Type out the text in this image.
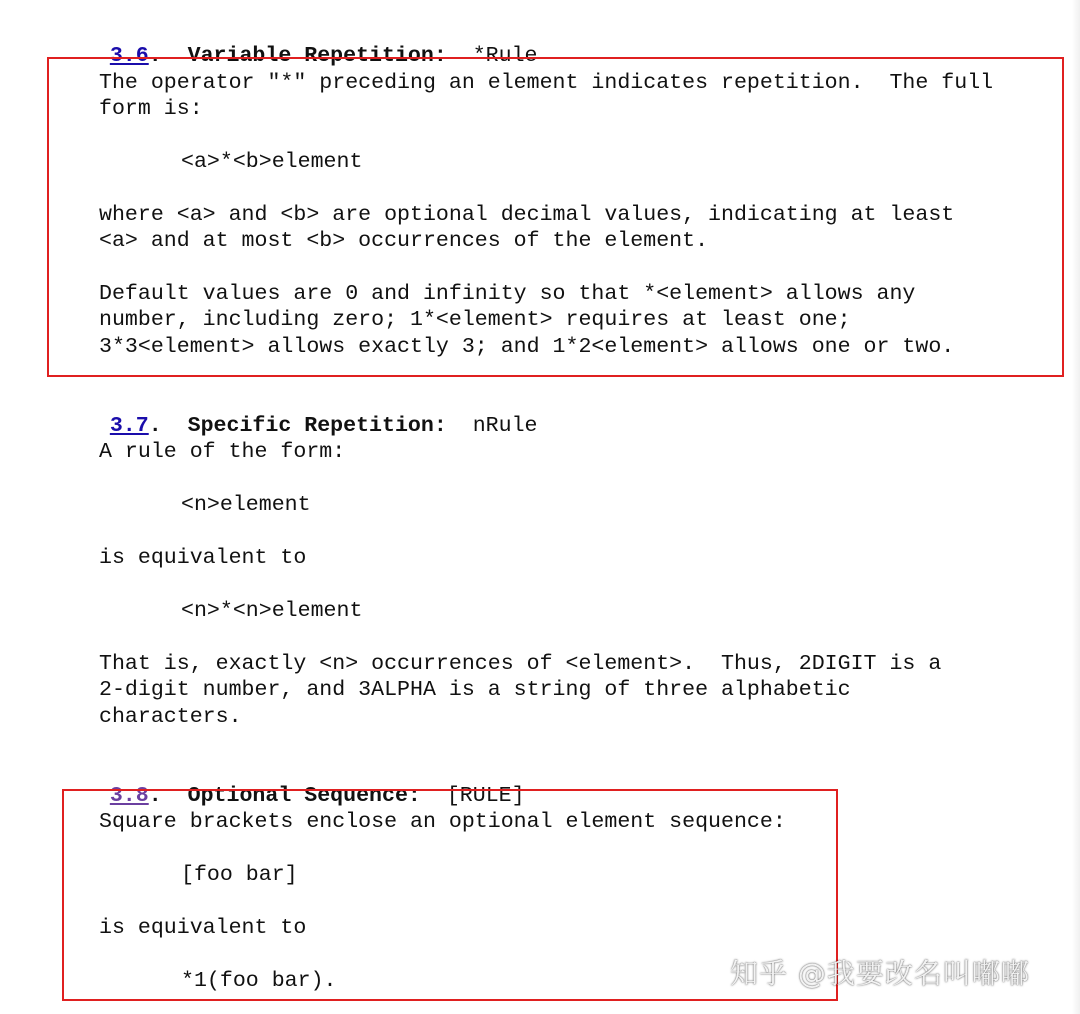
3.6. Variable Repetition: *Rule

The operator "*" preceding an element indicates repetition.  The full
form is:
<a>*<b>element
where <a> and <b> are optional decimal values, indicating at least
<a> and at most <b> occurrences of the element.
Default values are 0 and infinity so that *<element> allows any
number, including zero; 1*<element> requires at least one;
3*3<element> allows exactly 3; and 1*2<element> allows one or two.

3.7. Specific Repetition: nRule

A rule of the form:
<n>element
is equivalent to
<n>*<n>element
That is, exactly <n> occurrences of <element>.  Thus, 2DIGIT is a
2-digit number, and 3ALPHA is a string of three alphabetic
characters.

3.8. Optional Sequence: [RULE]

Square brackets enclose an optional element sequence:
[foo bar]
is equivalent to
*1(foo bar).	知乎 @我要改名叫嘟嘟
